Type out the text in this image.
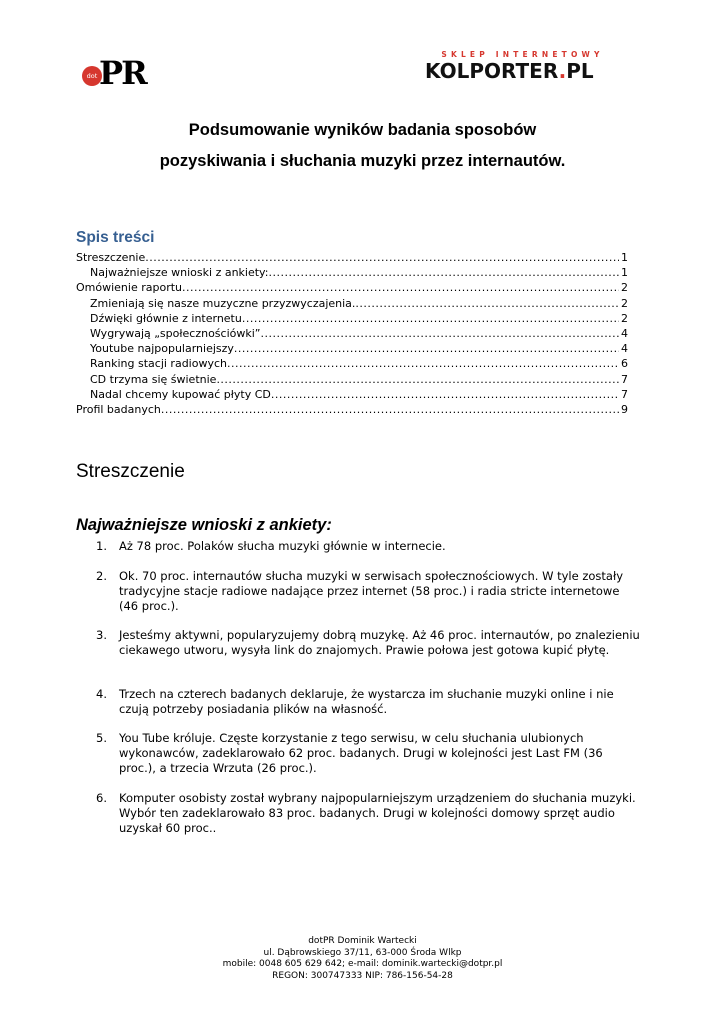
dot PR	SKLEP INTERNETOWY
KOLPORTER.PL
Podsumowanie wyników badania sposobów
pozyskiwania i słuchania muzyki przez internautów.
Spis treści
Streszczenie .....	1
Najważniejsze wnioski z ankiety: .....	1
Omówienie raportu .....	2
Zmieniają się nasze muzyczne przyzwyczajenia. .....	2
Dźwięki głównie z internetu .....	2
Wygrywają „społecznościówki” .....	4
Youtube najpopularniejszy .....	4
Ranking stacji radiowych .....	6
CD trzyma się świetnie .....	7
Nadal chcemy kupować płyty CD .....	7
Profil badanych .....	9
Streszczenie
Najważniejsze wnioski z ankiety:
1.	Aż 78 proc. Polaków słucha muzyki głównie w internecie.
2.	Ok. 70 proc. internautów słucha muzyki w serwisach społecznościowych. W tyle zostały tradycyjne stacje radiowe nadające przez internet (58 proc.) i radia stricte internetowe (46 proc.).
3.	Jesteśmy aktywni, popularyzujemy dobrą muzykę. Aż 46 proc. internautów, po znalezieniu ciekawego utworu, wysyła link do znajomych. Prawie połowa jest gotowa kupić płytę.
4.	Trzech na czterech badanych deklaruje, że wystarcza im słuchanie muzyki online i nie czują potrzeby posiadania plików na własność.
5.	You Tube króluje. Częste korzystanie z tego serwisu, w celu słuchania ulubionych wykonawców, zadeklarowało 62 proc. badanych. Drugi w kolejności jest Last FM (36 proc.), a trzecia Wrzuta (26 proc.).
6.	Komputer osobisty został wybrany najpopularniejszym urządzeniem do słuchania muzyki. Wybór ten zadeklarowało 83 proc. badanych. Drugi w kolejności domowy sprzęt audio uzyskał 60 proc..
dotPR Dominik Wartecki
ul. Dąbrowskiego 37/11, 63-000 Środa Wlkp
mobile: 0048 605 629 642; e-mail: dominik.wartecki@dotpr.pl
REGON: 300747333 NIP: 786-156-54-28
